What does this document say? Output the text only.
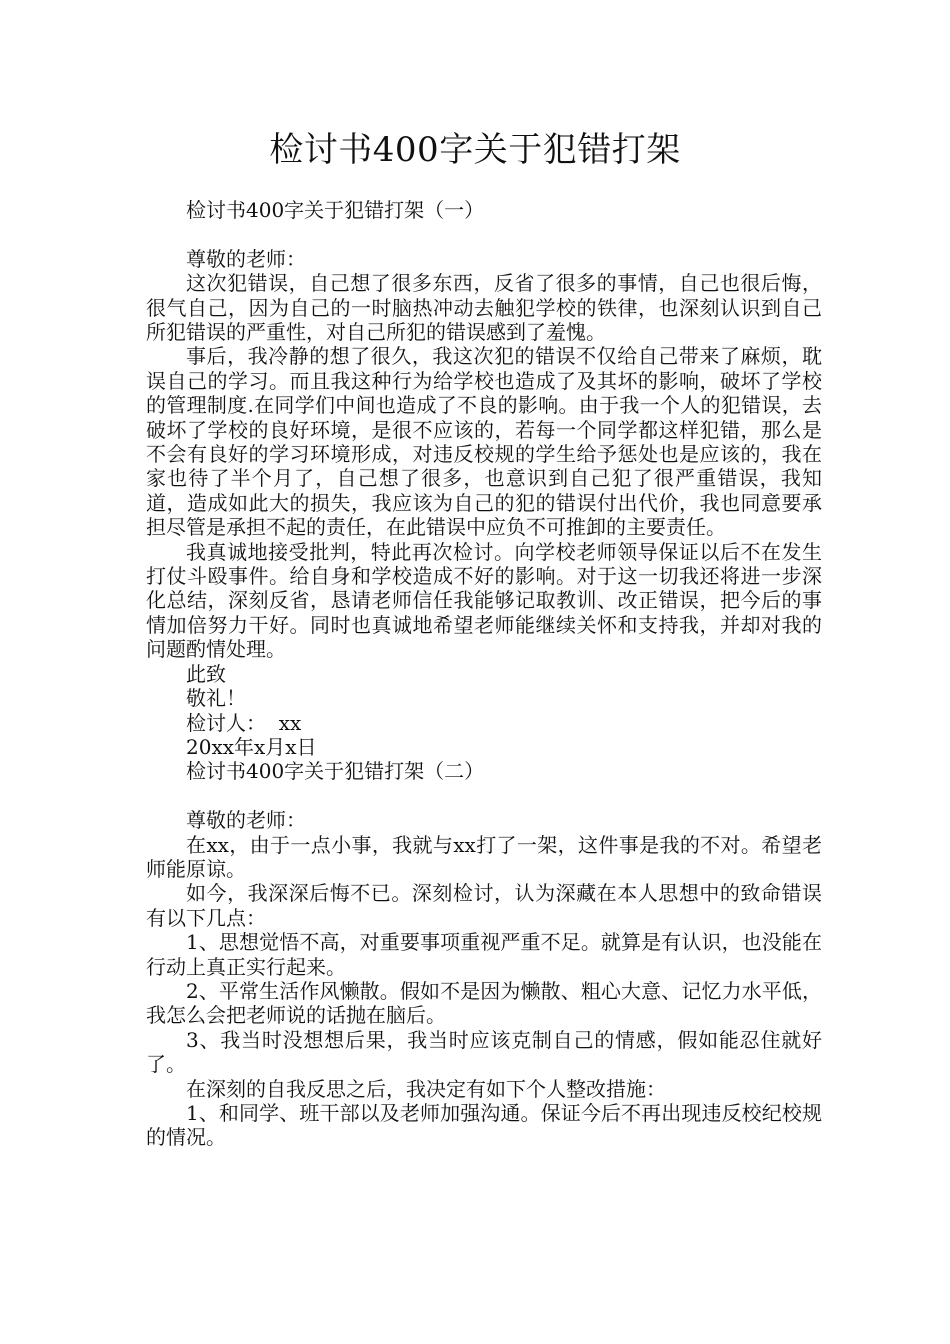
检讨书400字关于犯错打架
检讨书400字关于犯错打架（一）
尊敬的老师：
这次犯错误，自己想了很多东西，反省了很多的事情，自己也很后悔，很气自己，因为自己的一时脑热冲动去触犯学校的铁律，也深刻认识到自己所犯错误的严重性，对自己所犯的错误感到了羞愧。
事后，我冷静的想了很久，我这次犯的错误不仅给自己带来了麻烦，耽误自己的学习。而且我这种行为给学校也造成了及其坏的影响，破坏了学校的管理制度.在同学们中间也造成了不良的影响。由于我一个人的犯错误，去破坏了学校的良好环境，是很不应该的，若每一个同学都这样犯错，那么是不会有良好的学习环境形成，对违反校规的学生给予惩处也是应该的，我在家也待了半个月了，自己想了很多，也意识到自己犯了很严重错误，我知道，造成如此大的损失，我应该为自己的犯的错误付出代价，我也同意要承担尽管是承担不起的责任，在此错误中应负不可推卸的主要责任。
我真诚地接受批判，特此再次检讨。向学校老师领导保证以后不在发生打仗斗殴事件。给自身和学校造成不好的影响。对于这一切我还将进一步深化总结，深刻反省，恳请老师信任我能够记取教训、改正错误，把今后的事情加倍努力干好。同时也真诚地希望老师能继续关怀和支持我，并却对我的问题酌情处理。
此致
敬礼！
检讨人：  xx
20xx年x月x日
检讨书400字关于犯错打架（二）
尊敬的老师：
在xx，由于一点小事，我就与xx打了一架，这件事是我的不对。希望老师能原谅。
如今，我深深后悔不已。深刻检讨，认为深藏在本人思想中的致命错误有以下几点：
1、思想觉悟不高，对重要事项重视严重不足。就算是有认识，也没能在行动上真正实行起来。
2、平常生活作风懒散。假如不是因为懒散、粗心大意、记忆力水平低，我怎么会把老师说的话抛在脑后。
3、我当时没想想后果，我当时应该克制自己的情感，假如能忍住就好了。
在深刻的自我反思之后，我决定有如下个人整改措施：
1、和同学、班干部以及老师加强沟通。保证今后不再出现违反校纪校规的情况。
